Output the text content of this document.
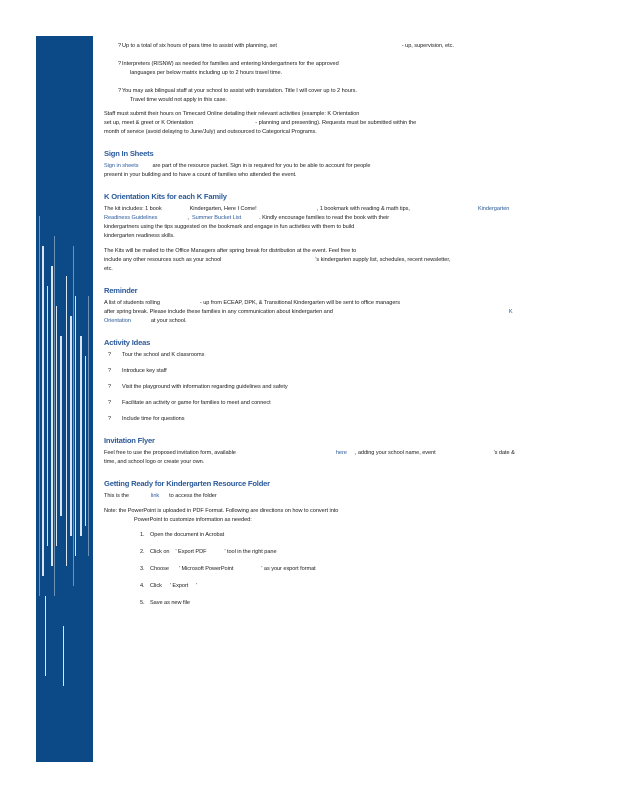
? Up to a total of six hours of para time to assist with planning, set	- up, supervision, etc.
? Interpreters (RISNW) as needed for families and entering kindergartners for the approved
languages per below matrix including up to 2 hours travel time.
? You may ask bilingual staff at your school to assist with translation. Title I will cover up to 2 hours.
Travel time would not apply in this case.
Staff must submit their hours on Timecard Online detailing their relevant activities (example: K Orientation
set up, meet & greet or K Orientation	- planning and presenting). Requests must be submitted within the
month of service (avoid delaying to June/July) and outsourced to Categorical Programs.
Sign In Sheets
Sign in sheets	are part of the resource packet. Sign in is required for you to be able to account for people
present in your building and to have a count of families who attended the event.
K Orientation Kits for each K Family
The kit includes: 1 book	Kindergarten, Here I Come!	, 1 bookmark with reading & math tips,	Kindergarten
Readiness Guidelines	, Summer Bucket List	. Kindly encourage families to read the book with their
kindergartners using the tips suggested on the bookmark and engage in fun activities with them to build
kindergarten readiness skills.
The Kits will be mailed to the Office Managers after spring break for distribution at the event. Feel free to
include any other resources such as your school	's kindergarten supply list, schedules, recent newsletter,
etc.
Reminder
A list of students rolling	- up from ECEAP, DPK, & Transitional Kindergarten will be sent to office managers
after spring break. Please include these families in any communication about kindergarten and	K
Orientation	at your school.
Activity Ideas
? Tour the school and K classrooms
? Introduce key staff
? Visit the playground with information regarding guidelines and safety
? Facilitate an activity or game for families to meet and connect
? Include time for questions
Invitation Flyer
Feel free to use the proposed invitation form, available	here , adding your school name, event	's date &
time, and school logo or create your own.
Getting Ready for Kindergarten Resource Folder
This is the	link to access the folder
Note: the PowerPoint is uploaded in PDF Format. Following are directions on how to convert into
PowerPoint to customize information as needed:
1. Open the document in Acrobat
2. Click on ' Export PDF	' tool in the right pane
3. Choose ' Microsoft PowerPoint	' as your export format
4. Click ' Export '
5. Save as new file
